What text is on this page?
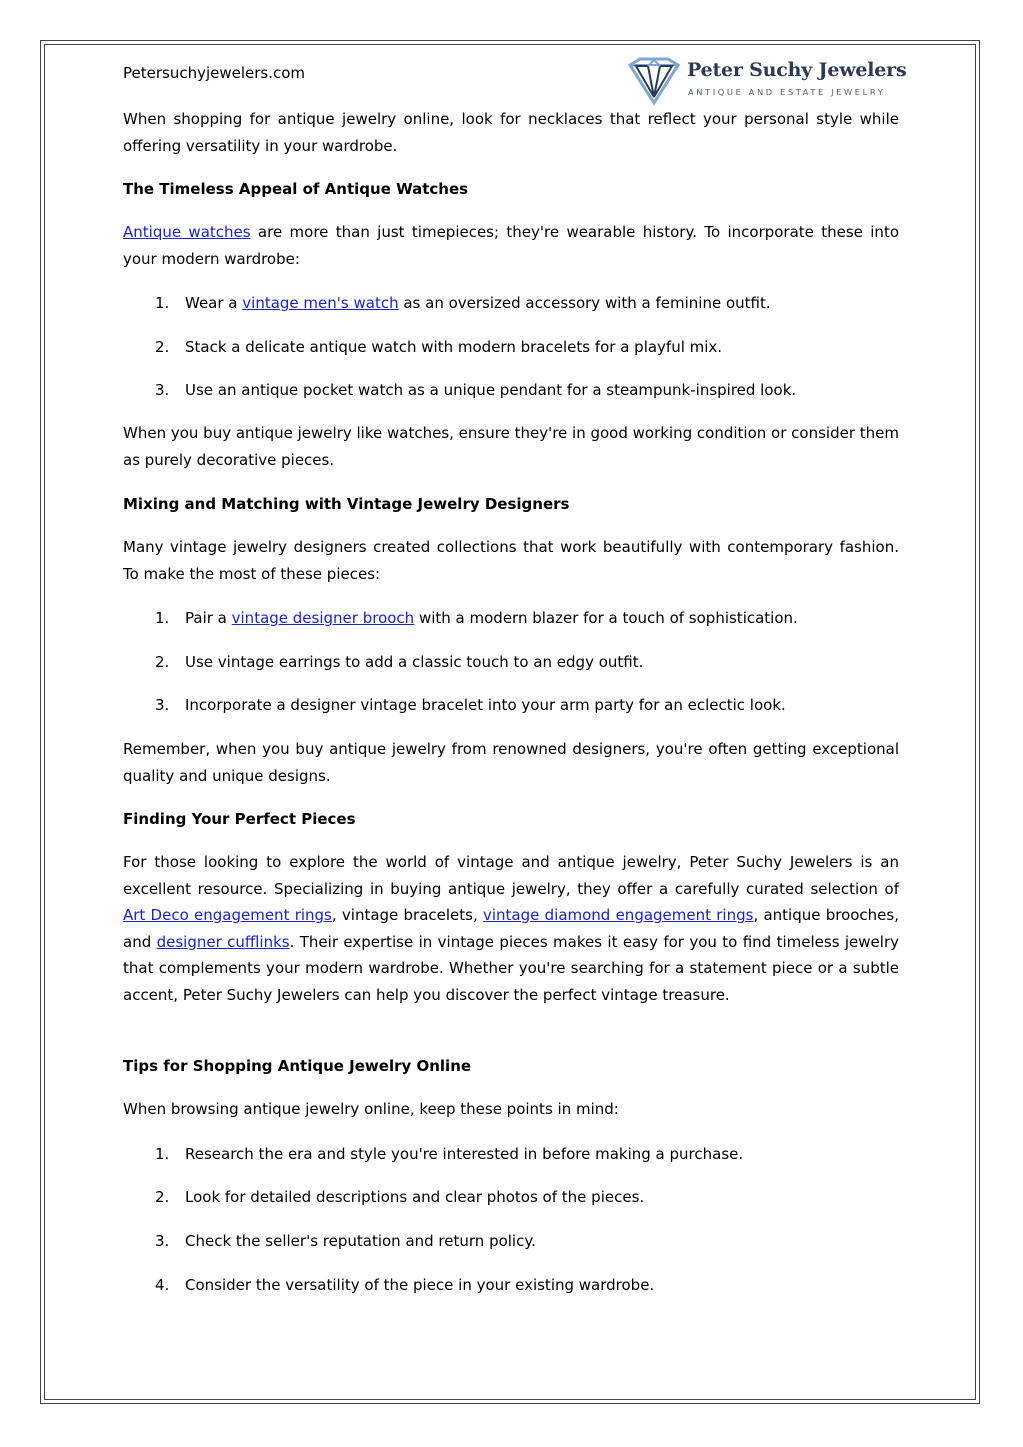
Petersuchyjewelers.com	Peter Suchy Jewelers
ANTIQUE AND ESTATE JEWELRY

When shopping for antique jewelry online, look for necklaces that reflect your personal style while offering versatility in your wardrobe.

The Timeless Appeal of Antique Watches

Antique watches are more than just timepieces; they're wearable history. To incorporate these into your modern wardrobe:

1. Wear a vintage men's watch as an oversized accessory with a feminine outfit.
2. Stack a delicate antique watch with modern bracelets for a playful mix.
3. Use an antique pocket watch as a unique pendant for a steampunk-inspired look.

When you buy antique jewelry like watches, ensure they're in good working condition or consider them as purely decorative pieces.

Mixing and Matching with Vintage Jewelry Designers

Many vintage jewelry designers created collections that work beautifully with contemporary fashion. To make the most of these pieces:

1. Pair a vintage designer brooch with a modern blazer for a touch of sophistication.
2. Use vintage earrings to add a classic touch to an edgy outfit.
3. Incorporate a designer vintage bracelet into your arm party for an eclectic look.

Remember, when you buy antique jewelry from renowned designers, you're often getting exceptional quality and unique designs.

Finding Your Perfect Pieces

For those looking to explore the world of vintage and antique jewelry, Peter Suchy Jewelers is an excellent resource. Specializing in buying antique jewelry, they offer a carefully curated selection of Art Deco engagement rings, vintage bracelets, vintage diamond engagement rings, antique brooches, and designer cufflinks. Their expertise in vintage pieces makes it easy for you to find timeless jewelry that complements your modern wardrobe. Whether you're searching for a statement piece or a subtle accent, Peter Suchy Jewelers can help you discover the perfect vintage treasure.

Tips for Shopping Antique Jewelry Online

When browsing antique jewelry online, keep these points in mind:

1. Research the era and style you're interested in before making a purchase.
2. Look for detailed descriptions and clear photos of the pieces.
3. Check the seller's reputation and return policy.
4. Consider the versatility of the piece in your existing wardrobe.
